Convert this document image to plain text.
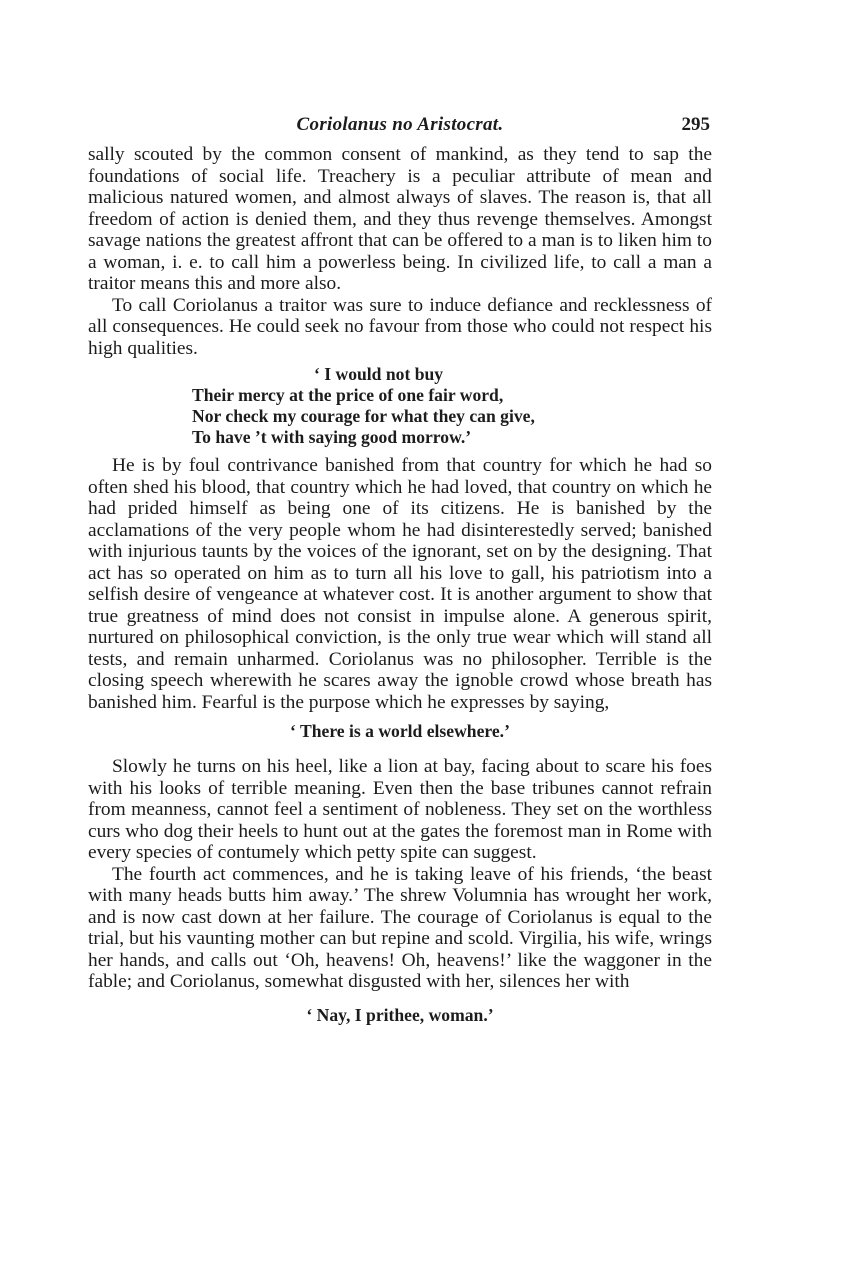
Coriolanus no Aristocrat.	295

sally scouted by the common consent of mankind, as they tend to sap the foundations of social life. Treachery is a peculiar attribute of mean and malicious natured women, and almost always of slaves. The reason is, that all freedom of action is denied them, and they thus revenge themselves. Amongst savage nations the greatest affront that can be offered to a man is to liken him to a woman, i. e. to call him a powerless being. In civilized life, to call a man a traitor means this and more also.

To call Coriolanus a traitor was sure to induce defiance and recklessness of all consequences. He could seek no favour from those who could not respect his high qualities.

‘ I would not buy
Their mercy at the price of one fair word,
Nor check my courage for what they can give,
To have ’t with saying good morrow.’

He is by foul contrivance banished from that country for which he had so often shed his blood, that country which he had loved, that country on which he had prided himself as being one of its citizens. He is banished by the acclamations of the very people whom he had disinterestedly served; banished with injurious taunts by the voices of the ignorant, set on by the designing. That act has so operated on him as to turn all his love to gall, his patriotism into a selfish desire of vengeance at whatever cost. It is another argument to show that true greatness of mind does not consist in impulse alone. A generous spirit, nurtured on philosophical conviction, is the only true wear which will stand all tests, and remain unharmed. Coriolanus was no philosopher. Terrible is the closing speech wherewith he scares away the ignoble crowd whose breath has banished him. Fearful is the purpose which he expresses by saying,

‘ There is a world elsewhere.’

Slowly he turns on his heel, like a lion at bay, facing about to scare his foes with his looks of terrible meaning. Even then the base tribunes cannot refrain from meanness, cannot feel a sentiment of nobleness. They set on the worthless curs who dog their heels to hunt out at the gates the foremost man in Rome with every species of contumely which petty spite can suggest.

The fourth act commences, and he is taking leave of his friends, ‘the beast with many heads butts him away.’ The shrew Volumnia has wrought her work, and is now cast down at her failure. The courage of Coriolanus is equal to the trial, but his vaunting mother can but repine and scold. Virgilia, his wife, wrings her hands, and calls out ‘Oh, heavens! Oh, heavens!’ like the waggoner in the fable; and Coriolanus, somewhat disgusted with her, silences her with

‘ Nay, I prithee, woman.’
